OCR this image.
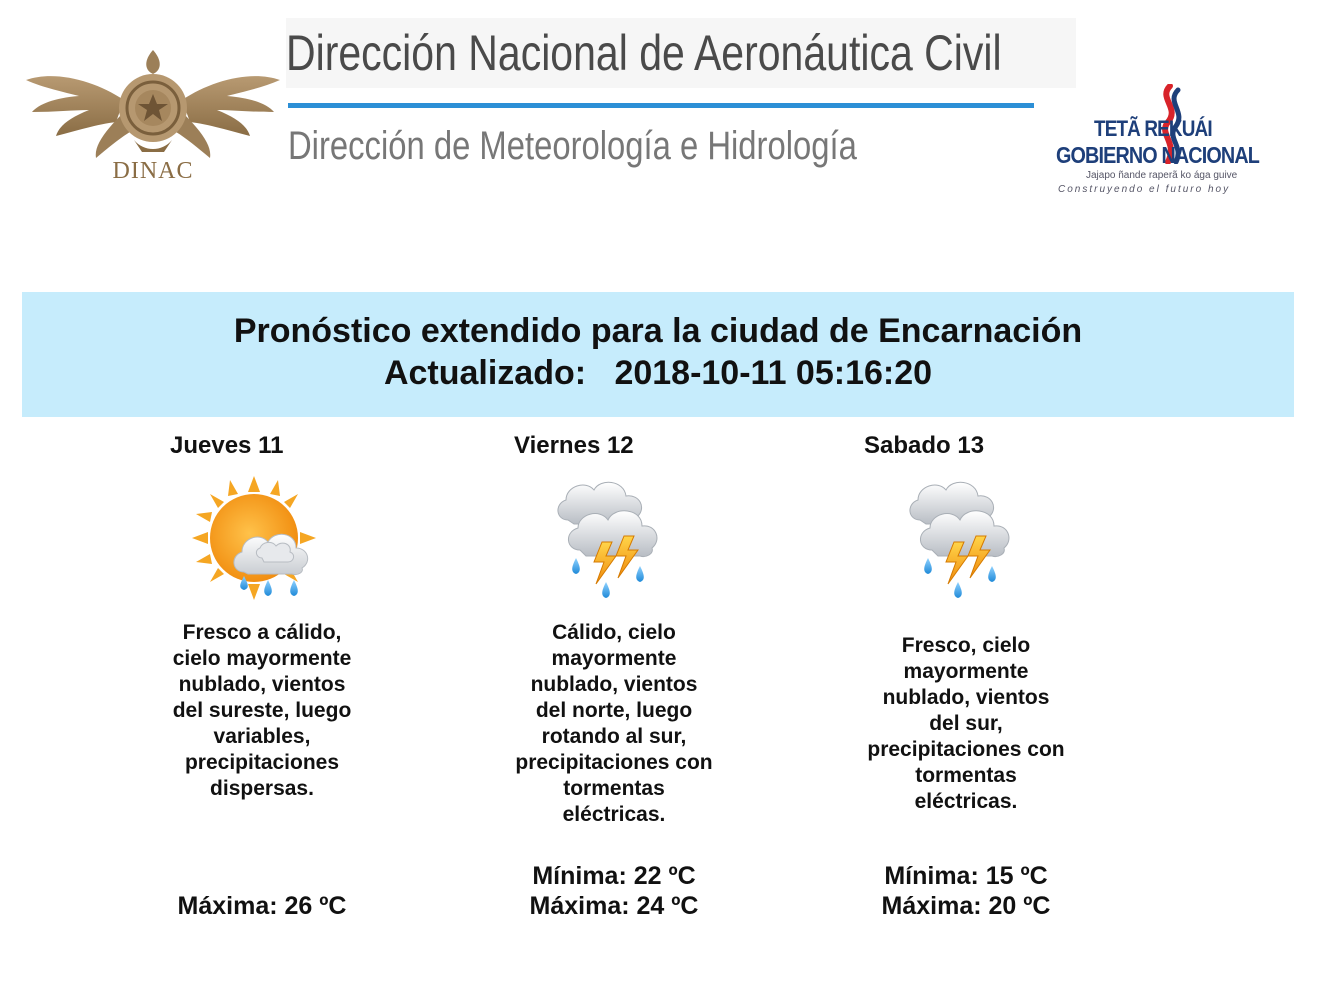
DINAC
Dirección Nacional de Aeronáutica Civil
Dirección de Meteorología e Hidrología	TETÃ REKUÁI
GOBIERNO NACIONAL
Jajapo ñande raperã ko ága guive
Construyendo el futuro hoy
Pronóstico extendido para la ciudad de Encarnación
Actualizado: 2018-10-11 05:16:20
Jueves 11
Fresco a cálido, cielo mayormente nublado, vientos del sureste, luego variables, precipitaciones dispersas.
Máxima: 26 ºC
Viernes 12
Cálido, cielo mayormente nublado, vientos del norte, luego rotando al sur, precipitaciones con tormentas eléctricas.
Mínima: 22 ºC
Máxima: 24 ºC
Sabado 13
Fresco, cielo mayormente nublado, vientos del sur, precipitaciones con tormentas eléctricas.
Mínima: 15 ºC
Máxima: 20 ºC
